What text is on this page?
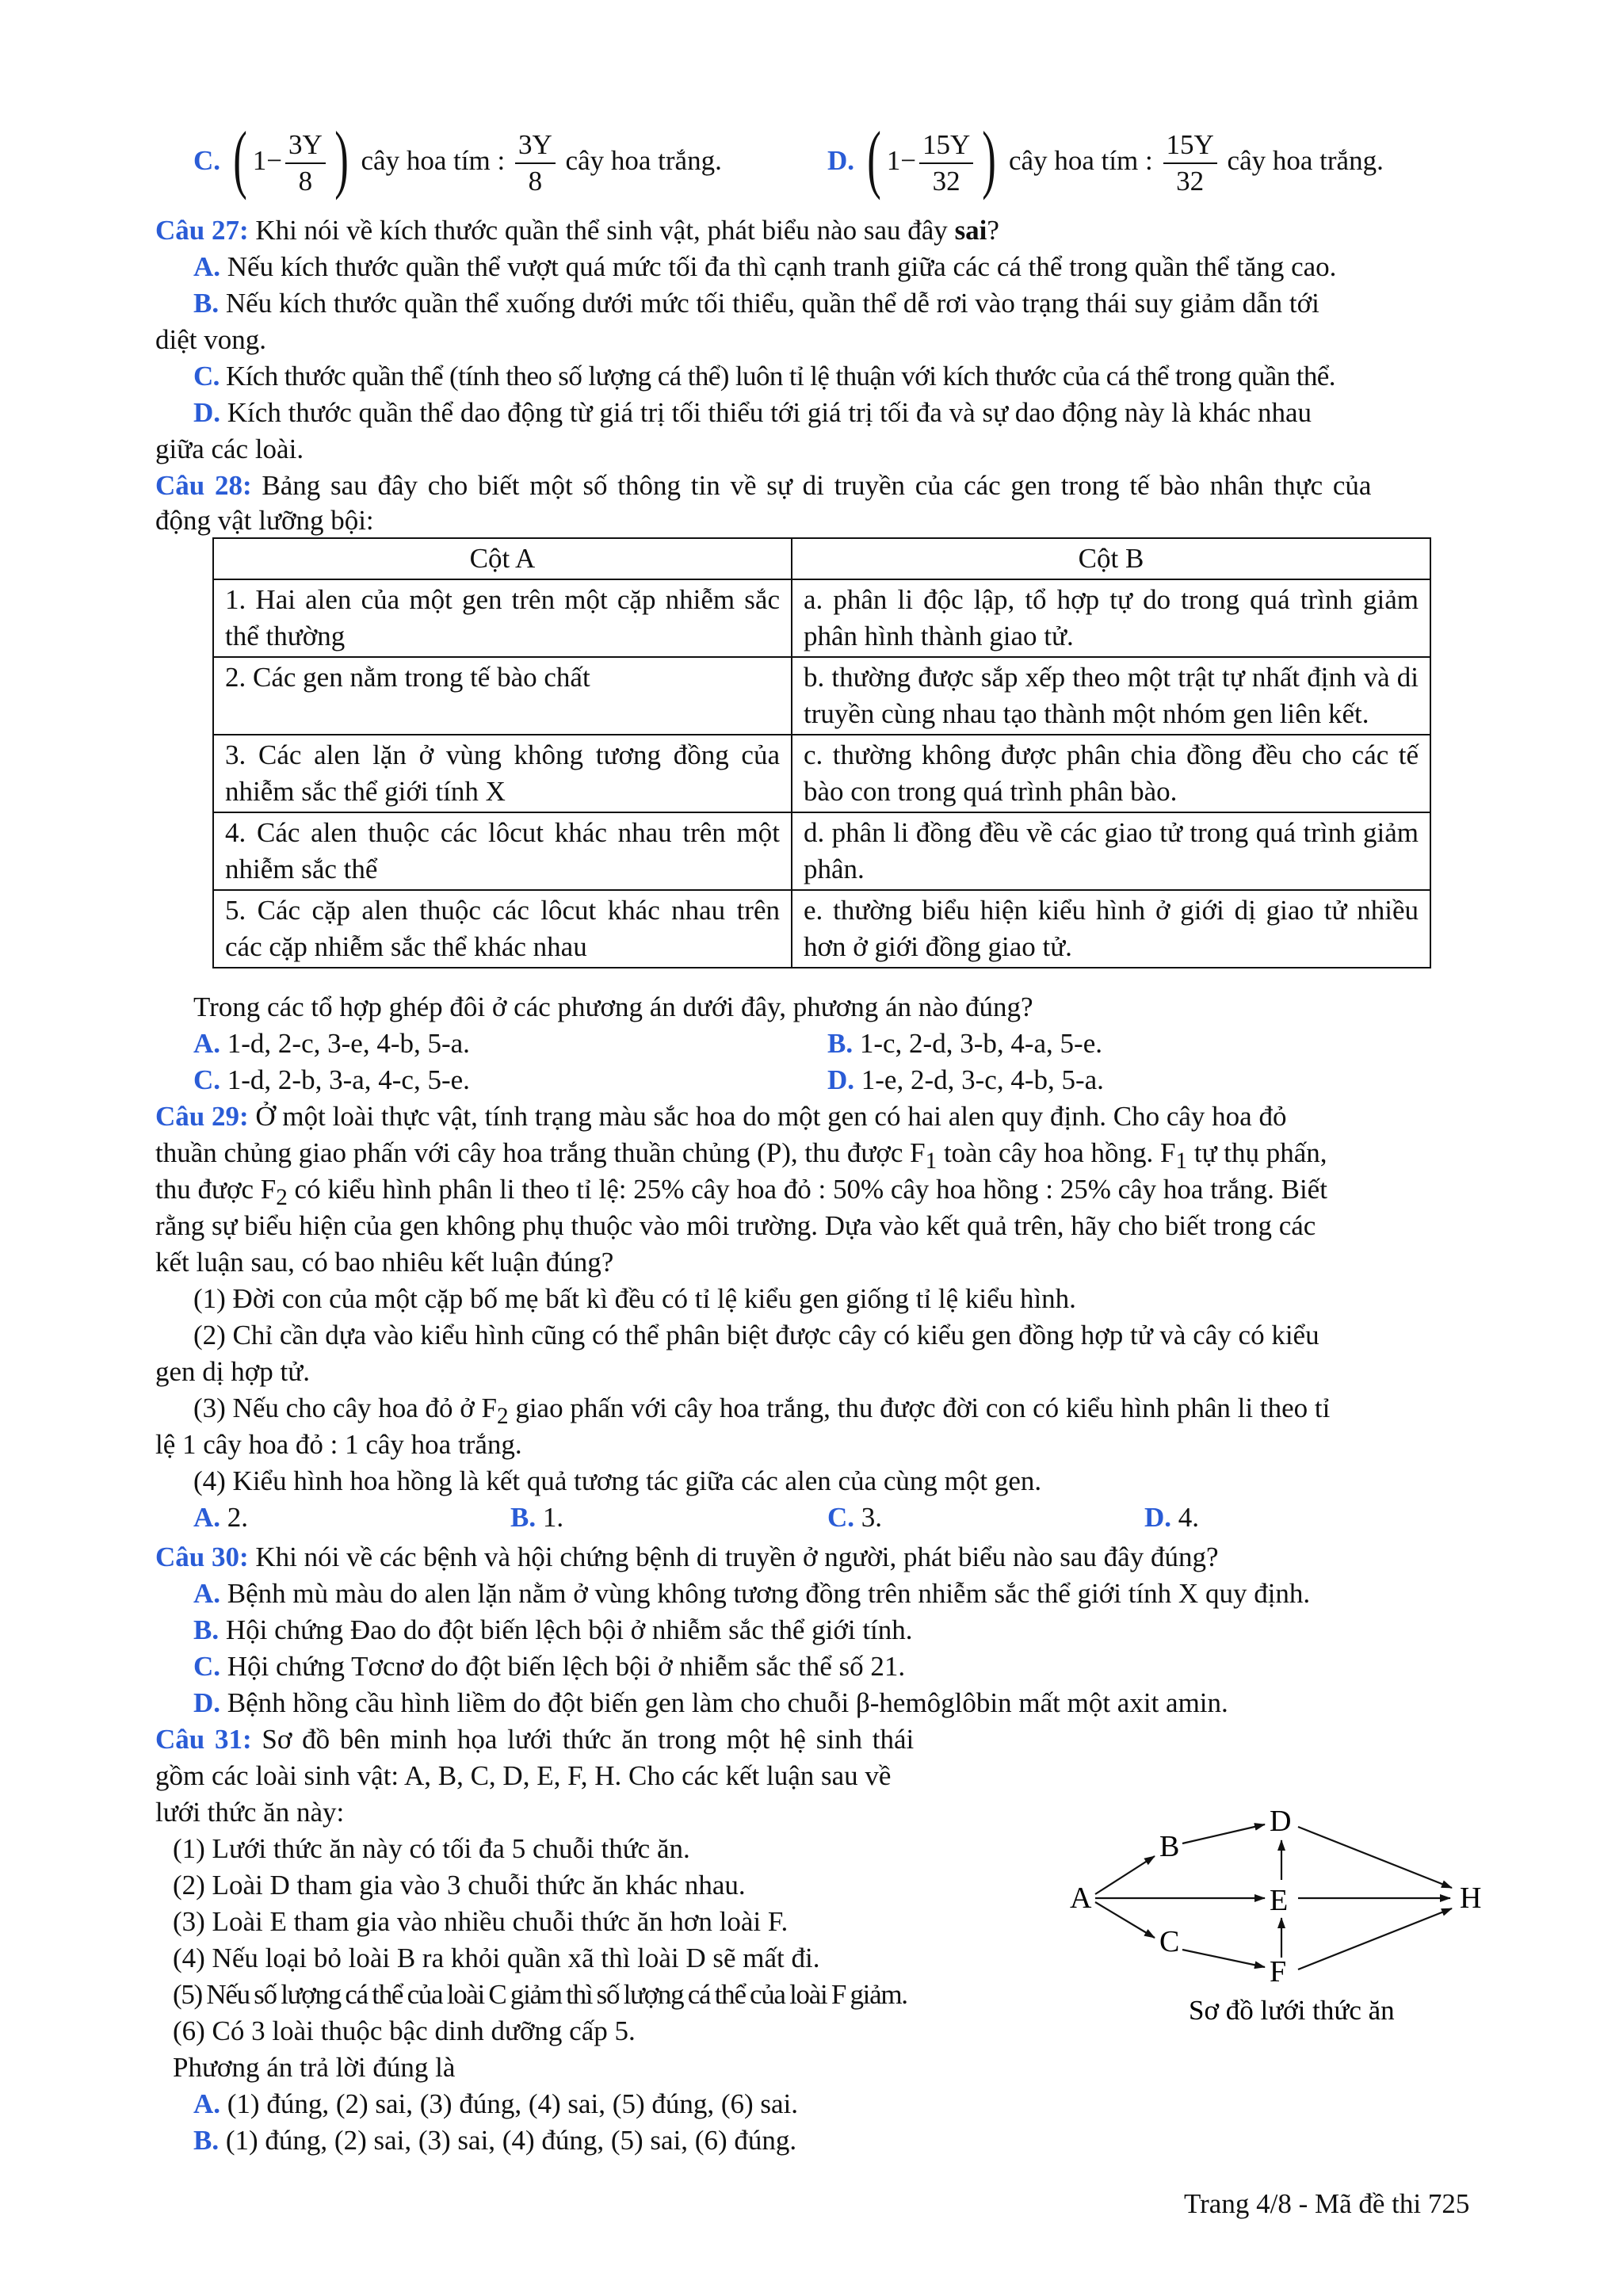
C. ( $1- \frac{3Y}{8}$ ) cây hoa tím : $\frac{3Y}{8}$ cây hoa trắng.	D. ( $1- \frac{15Y}{32}$ ) cây hoa tím : $\frac{15Y}{32}$ cây hoa trắng.
Câu 27: Khi nói về kích thước quần thể sinh vật, phát biểu nào sau đây sai?
A. Nếu kích thước quần thể vượt quá mức tối đa thì cạnh tranh giữa các cá thể trong quần thể tăng cao.
B. Nếu kích thước quần thể xuống dưới mức tối thiểu, quần thể dễ rơi vào trạng thái suy giảm dẫn tới
diệt vong.
C. Kích thước quần thể (tính theo số lượng cá thể) luôn tỉ lệ thuận với kích thước của cá thể trong quần thể.
D. Kích thước quần thể dao động từ giá trị tối thiểu tới giá trị tối đa và sự dao động này là khác nhau
giữa các loài.
Câu 28: Bảng sau đây cho biết một số thông tin về sự di truyền của các gen trong tế bào nhân thực của
động vật lưỡng bội:
Cột A	Cột B
1. Hai alen của một gen trên một cặp nhiễm sắc thể thường	a. phân li độc lập, tổ hợp tự do trong quá trình giảm phân hình thành giao tử.
2. Các gen nằm trong tế bào chất	b. thường được sắp xếp theo một trật tự nhất định và di truyền cùng nhau tạo thành một nhóm gen liên kết.
3. Các alen lặn ở vùng không tương đồng của nhiễm sắc thể giới tính X	c. thường không được phân chia đồng đều cho các tế bào con trong quá trình phân bào.
4. Các alen thuộc các lôcut khác nhau trên một nhiễm sắc thể	d. phân li đồng đều về các giao tử trong quá trình giảm phân.
5. Các cặp alen thuộc các lôcut khác nhau trên các cặp nhiễm sắc thể khác nhau	e. thường biểu hiện kiểu hình ở giới dị giao tử nhiều hơn ở giới đồng giao tử.
Trong các tổ hợp ghép đôi ở các phương án dưới đây, phương án nào đúng?
A. 1-d, 2-c, 3-e, 4-b, 5-a.	B. 1-c, 2-d, 3-b, 4-a, 5-e.
C. 1-d, 2-b, 3-a, 4-c, 5-e.	D. 1-e, 2-d, 3-c, 4-b, 5-a.
Câu 29: Ở một loài thực vật, tính trạng màu sắc hoa do một gen có hai alen quy định. Cho cây hoa đỏ
thuần chủng giao phấn với cây hoa trắng thuần chủng (P), thu được $F_1$ toàn cây hoa hồng. $F_1$ tự thụ phấn,
thu được $F_2$ có kiểu hình phân li theo tỉ lệ: 25% cây hoa đỏ : 50% cây hoa hồng : 25% cây hoa trắng. Biết
rằng sự biểu hiện của gen không phụ thuộc vào môi trường. Dựa vào kết quả trên, hãy cho biết trong các
kết luận sau, có bao nhiêu kết luận đúng?
(1) Đời con của một cặp bố mẹ bất kì đều có tỉ lệ kiểu gen giống tỉ lệ kiểu hình.
(2) Chỉ cần dựa vào kiểu hình cũng có thể phân biệt được cây có kiểu gen đồng hợp tử và cây có kiểu
gen dị hợp tử.
(3) Nếu cho cây hoa đỏ ở $F_2$ giao phấn với cây hoa trắng, thu được đời con có kiểu hình phân li theo tỉ
lệ 1 cây hoa đỏ : 1 cây hoa trắng.
(4) Kiểu hình hoa hồng là kết quả tương tác giữa các alen của cùng một gen.
A. 2.	B. 1.	C. 3.	D. 4.
Câu 30: Khi nói về các bệnh và hội chứng bệnh di truyền ở người, phát biểu nào sau đây đúng?
A. Bệnh mù màu do alen lặn nằm ở vùng không tương đồng trên nhiễm sắc thể giới tính X quy định.
B. Hội chứng Đao do đột biến lệch bội ở nhiễm sắc thể giới tính.
C. Hội chứng Tơcnơ do đột biến lệch bội ở nhiễm sắc thể số 21.
D. Bệnh hồng cầu hình liềm do đột biến gen làm cho chuỗi β-hemôglôbin mất một axit amin.
Câu 31: Sơ đồ bên minh họa lưới thức ăn trong một hệ sinh thái
gồm các loài sinh vật: A, B, C, D, E, F, H. Cho các kết luận sau về
lưới thức ăn này:
(1) Lưới thức ăn này có tối đa 5 chuỗi thức ăn.
(2) Loài D tham gia vào 3 chuỗi thức ăn khác nhau.
(3) Loài E tham gia vào nhiều chuỗi thức ăn hơn loài F.
(4) Nếu loại bỏ loài B ra khỏi quần xã thì loài D sẽ mất đi.
(5) Nếu số lượng cá thể của loài C giảm thì số lượng cá thể của loài F giảm.
(6) Có 3 loài thuộc bậc dinh dưỡng cấp 5.
Phương án trả lời đúng là
A. (1) đúng, (2) sai, (3) đúng, (4) sai, (5) đúng, (6) sai.
B. (1) đúng, (2) sai, (3) sai, (4) đúng, (5) sai, (6) đúng.
A
B
C
D
E
F
H
Sơ đồ lưới thức ăn
Trang 4/8 - Mã đề thi 725
